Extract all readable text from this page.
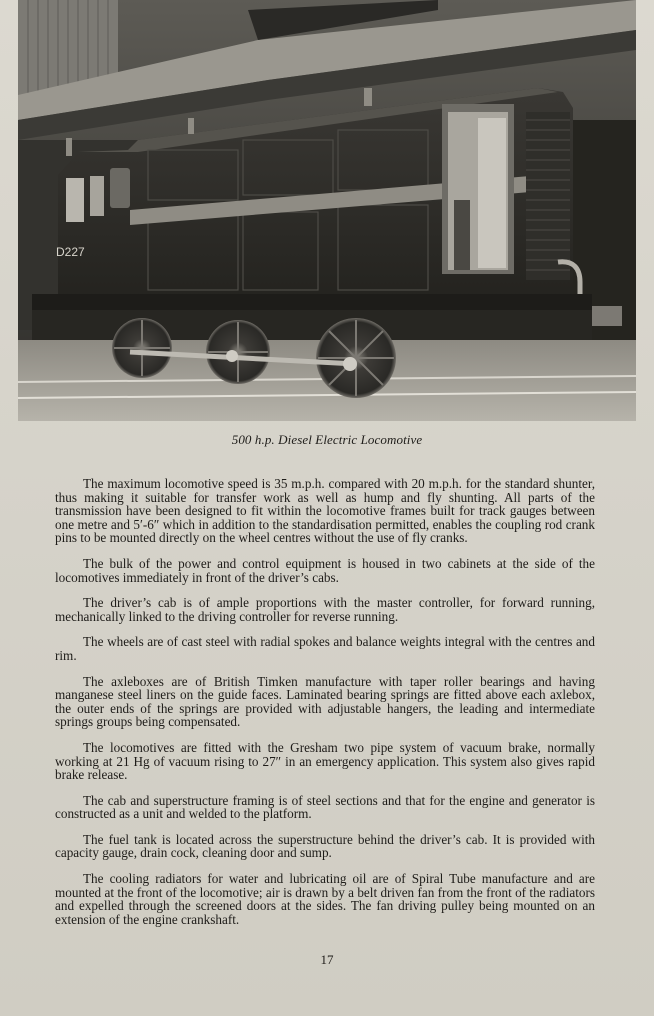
D227
500 h.p. Diesel Electric Locomotive

The maximum locomotive speed is 35 m.p.h. compared with 20 m.p.h. for the standard shunter, thus making it suitable for transfer work as well as hump and fly shunting. All parts of the transmission have been designed to fit within the locomotive frames built for track gauges between one metre and 5′-6″ which in addition to the standardisation permitted, enables the coupling rod crank pins to be mounted directly on the wheel centres without the use of fly cranks.

The bulk of the power and control equipment is housed in two cabinets at the side of the locomotives immediately in front of the driver’s cabs.

The driver’s cab is of ample proportions with the master controller, for forward running, mechanically linked to the driving controller for reverse running.

The wheels are of cast steel with radial spokes and balance weights integral with the centres and rim.

The axleboxes are of British Timken manufacture with taper roller bearings and having manganese steel liners on the guide faces. Laminated bearing springs are fitted above each axlebox, the outer ends of the springs are provided with adjustable hangers, the leading and intermediate springs groups being compensated.

The locomotives are fitted with the Gresham two pipe system of vacuum brake, normally working at 21 Hg of vacuum rising to 27″ in an emergency application. This system also gives rapid brake release.

The cab and superstructure framing is of steel sections and that for the engine and generator is constructed as a unit and welded to the platform.

The fuel tank is located across the superstructure behind the driver’s cab. It is provided with capacity gauge, drain cock, cleaning door and sump.

The cooling radiators for water and lubricating oil are of Spiral Tube manufacture and are mounted at the front of the locomotive; air is drawn by a belt driven fan from the front of the radiators and expelled through the screened doors at the sides. The fan driving pulley being mounted on an extension of the engine crankshaft.

17
